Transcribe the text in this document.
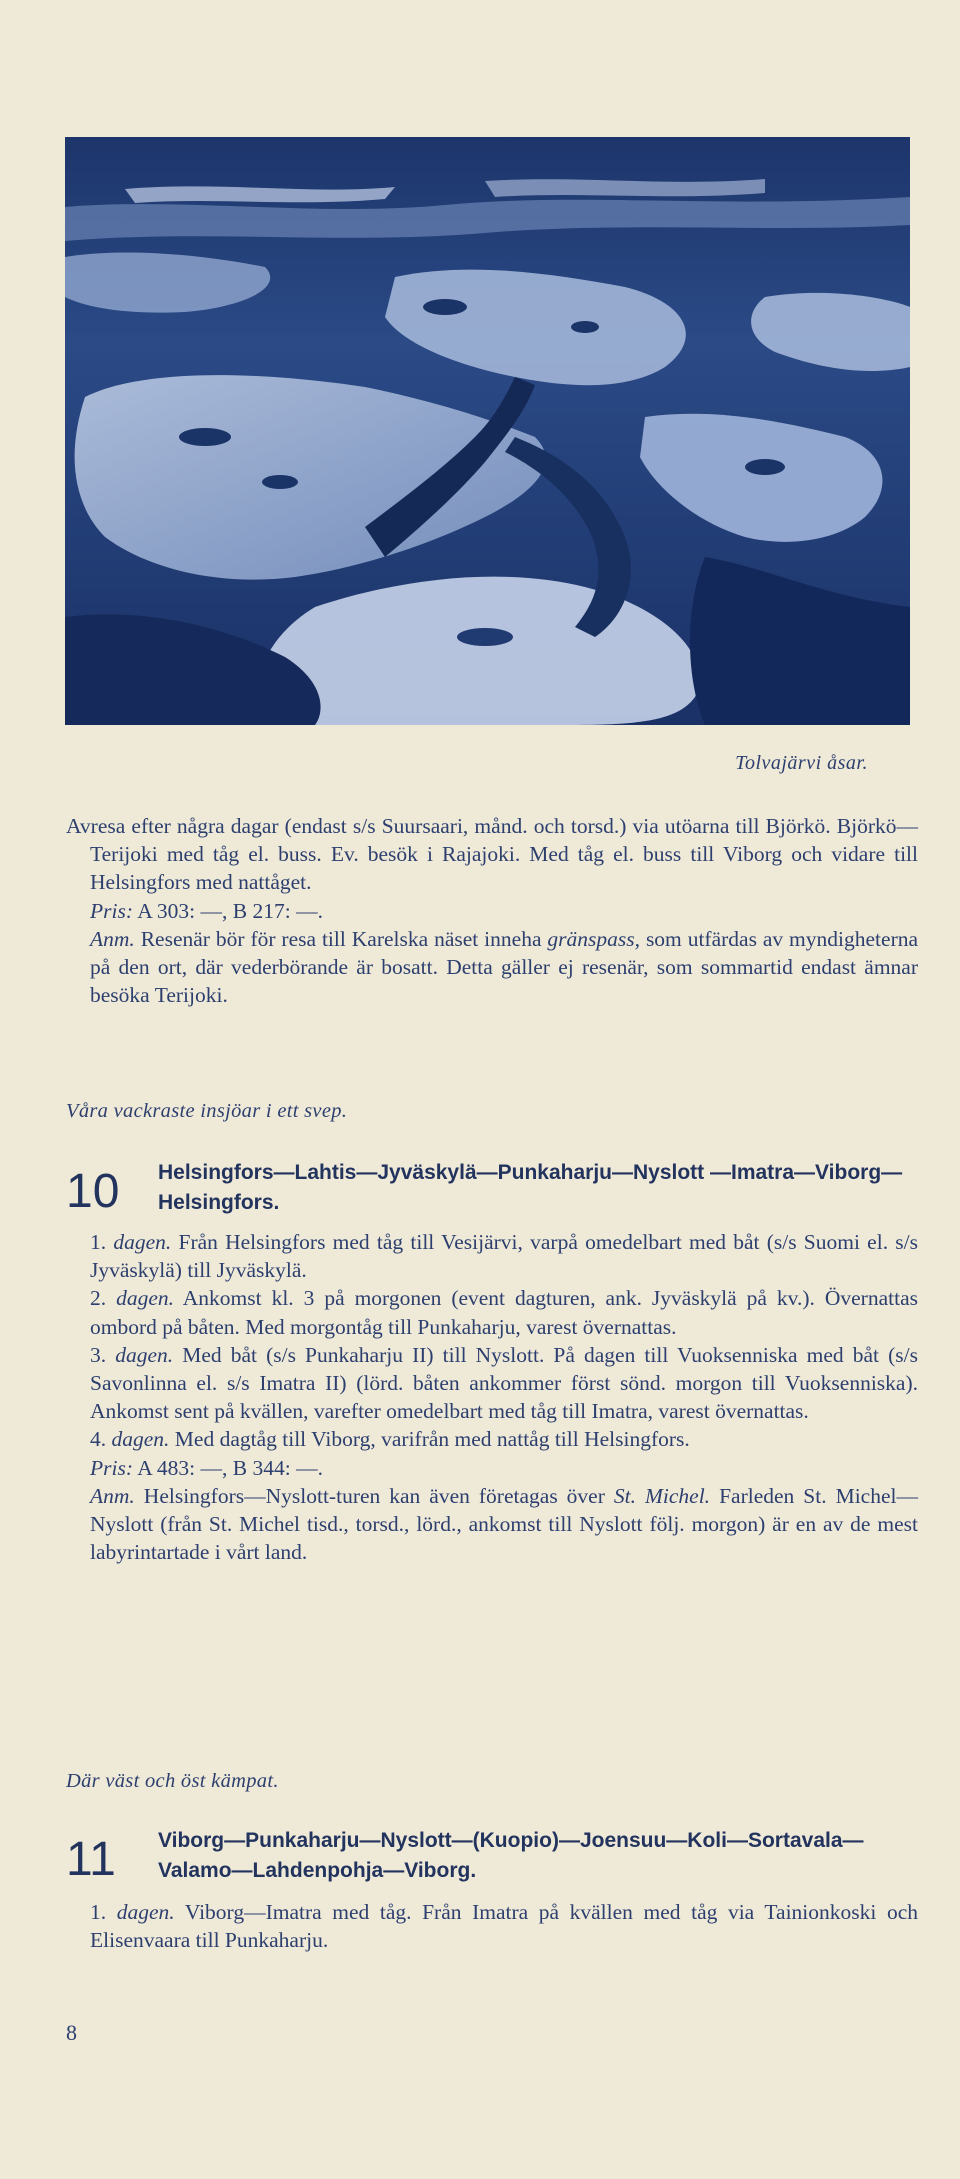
Tolvajärvi åsar.

Avresa efter några dagar (endast s/s Suursaari, månd. och torsd.) via utöarna till Björkö. Björkö—Terijoki med tåg el. buss. Ev. besök i Rajajoki. Med tåg el. buss till Viborg och vidare till Helsingfors med nattåget.

Pris: A 303: —, B 217: —.

Anm. Resenär bör för resa till Karelska näset inneha gränspass, som utfärdas av myndigheterna på den ort, där vederbörande är bosatt. Detta gäller ej resenär, som sommartid endast ämnar besöka Terijoki.

Våra vackraste insjöar i ett svep.
10 Helsingfors—Lahtis—Jyväskylä—Punkaharju—Nyslott —Imatra—Viborg—Helsingfors.

1. dagen. Från Helsingfors med tåg till Vesijärvi, varpå omedelbart med båt (s/s Suomi el. s/s Jyväskylä) till Jyväskylä.

2. dagen. Ankomst kl. 3 på morgonen (event dagturen, ank. Jyväskylä på kv.). Övernattas ombord på båten. Med morgontåg till Punkaharju, varest övernattas.

3. dagen. Med båt (s/s Punkaharju II) till Nyslott. På dagen till Vuoksenniska med båt (s/s Savonlinna el. s/s Imatra II) (lörd. båten ankommer först sönd. morgon till Vuoksenniska). Ankomst sent på kvällen, varefter omedelbart med tåg till Imatra, varest övernattas.

4. dagen. Med dagtåg till Viborg, varifrån med nattåg till Helsingfors.

Pris: A 483: —, B 344: —.

Anm. Helsingfors—Nyslott-turen kan även företagas över St. Michel. Farleden St. Michel—Nyslott (från St. Michel tisd., torsd., lörd., ankomst till Nyslott följ. morgon) är en av de mest labyrintartade i vårt land.

Där väst och öst kämpat.
11 Viborg—Punkaharju—Nyslott—(Kuopio)—Joensuu—Koli—Sortavala—Valamo—Lahdenpohja—Viborg.

1. dagen. Viborg—Imatra med tåg. Från Imatra på kvällen med tåg via Tainionkoski och Elisenvaara till Punkaharju.

8
